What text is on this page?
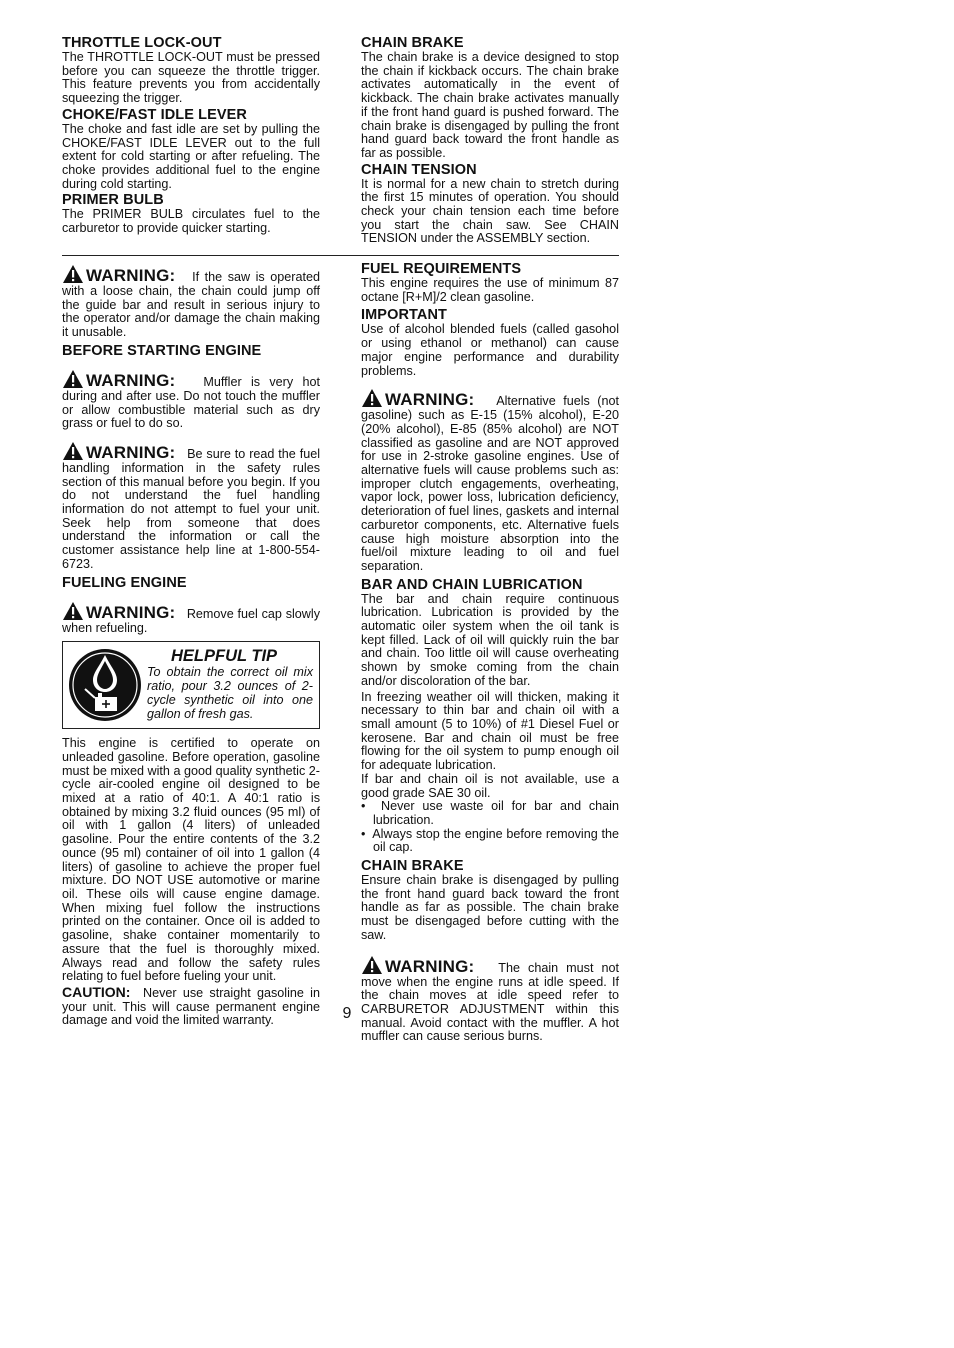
THROTTLE LOCK-OUT

The THROTTLE LOCK-OUT must be pressed before you can squeeze the throttle trigger. This feature prevents you from accidentally squeezing the trigger.

CHOKE/FAST IDLE LEVER

The choke and fast idle are set by pulling the CHOKE/FAST IDLE LEVER out to the full extent for cold starting or after refueling. The choke provides additional fuel to the engine during cold starting.

PRIMER BULB

The PRIMER BULB circulates fuel to the carburetor to provide quicker starting.

CHAIN BRAKE

The chain brake is a device designed to stop the chain if kickback occurs. The chain brake activates automatically in the event of kickback. The chain brake activates manually if the front hand guard is pushed forward. The chain brake is disengaged by pulling the front hand guard back toward the front handle as far as possible.

CHAIN TENSION

It is normal for a new chain to stretch during the first 15 minutes of operation. You should check your chain tension each time before you start the chain saw. See CHAIN TENSION under the ASSEMBLY section.

WARNING: If the saw is operated with a loose chain, the chain could jump off the guide bar and result in serious injury to the operator and/or damage the chain making it unusable.

BEFORE STARTING ENGINE

WARNING: Muffler is very hot during and after use. Do not touch the muffler or allow combustible material such as dry grass or fuel to do so.

WARNING: Be sure to read the fuel handling information in the safety rules section of this manual before you begin. If you do not understand the fuel handling information do not attempt to fuel your unit. Seek help from someone that does understand the information or call the customer assistance help line at 1-800-554-6723.

FUELING ENGINE

WARNING: Remove fuel cap slowly when refueling.

HELPFUL TIP

To obtain the correct oil mix ratio, pour 3.2 ounces of 2-cycle synthetic oil into one gallon of fresh gas.

This engine is certified to operate on unleaded gasoline. Before operation, gasoline must be mixed with a good quality synthetic 2-cycle air-cooled engine oil designed to be mixed at a ratio of 40:1. A 40:1 ratio is obtained by mixing 3.2 fluid ounces (95 ml) of oil with 1 gallon (4 liters) of unleaded gasoline. Pour the entire contents of the 3.2 ounce (95 ml) container of oil into 1 gallon (4 liters) of gasoline to achieve the proper fuel mixture. DO NOT USE automotive or marine oil. These oils will cause engine damage. When mixing fuel follow the instructions printed on the container. Once oil is added to gasoline, shake container momentarily to assure that the fuel is thoroughly mixed. Always read and follow the safety rules relating to fuel before fueling your unit.

CAUTION: Never use straight gasoline in your unit. This will cause permanent engine damage and void the limited warranty.

FUEL REQUIREMENTS

This engine requires the use of minimum 87 octane [R+M]/2 clean gasoline.

IMPORTANT

Use of alcohol blended fuels (called gasohol or using ethanol or methanol) can cause major engine performance and durability problems.

WARNING: Alternative fuels (not gasoline) such as E-15 (15% alcohol), E-20 (20% alcohol), E-85 (85% alcohol) are NOT classified as gasoline and are NOT approved for use in 2-stroke gasoline engines. Use of alternative fuels will cause problems such as: improper clutch engagements, overheating, vapor lock, power loss, lubrication deficiency, deterioration of fuel lines, gaskets and internal carburetor components, etc. Alternative fuels cause high moisture absorption into the fuel/oil mixture leading to oil and fuel separation.

BAR AND CHAIN LUBRICATION

The bar and chain require continuous lubrication. Lubrication is provided by the automatic oiler system when the oil tank is kept filled. Lack of oil will quickly ruin the bar and chain. Too little oil will cause overheating shown by smoke coming from the chain and/or discoloration of the bar.

In freezing weather oil will thicken, making it necessary to thin bar and chain oil with a small amount (5 to 10%) of #1 Diesel Fuel or kerosene. Bar and chain oil must be free flowing for the oil system to pump enough oil for adequate lubrication.

If bar and chain oil is not available, use a good grade SAE 30 oil.

•  Never use waste oil for bar and chain lubrication.
•  Always stop the engine before removing the oil cap.
CHAIN BRAKE

Ensure chain brake is disengaged by pulling the front hand guard back toward the front handle as far as possible. The chain brake must be disengaged before cutting with the saw.

WARNING: The chain must not move when the engine runs at idle speed. If the chain moves at idle speed refer to CARBURETOR ADJUSTMENT within this manual. Avoid contact with the muffler. A hot muffler can cause serious burns.

9
